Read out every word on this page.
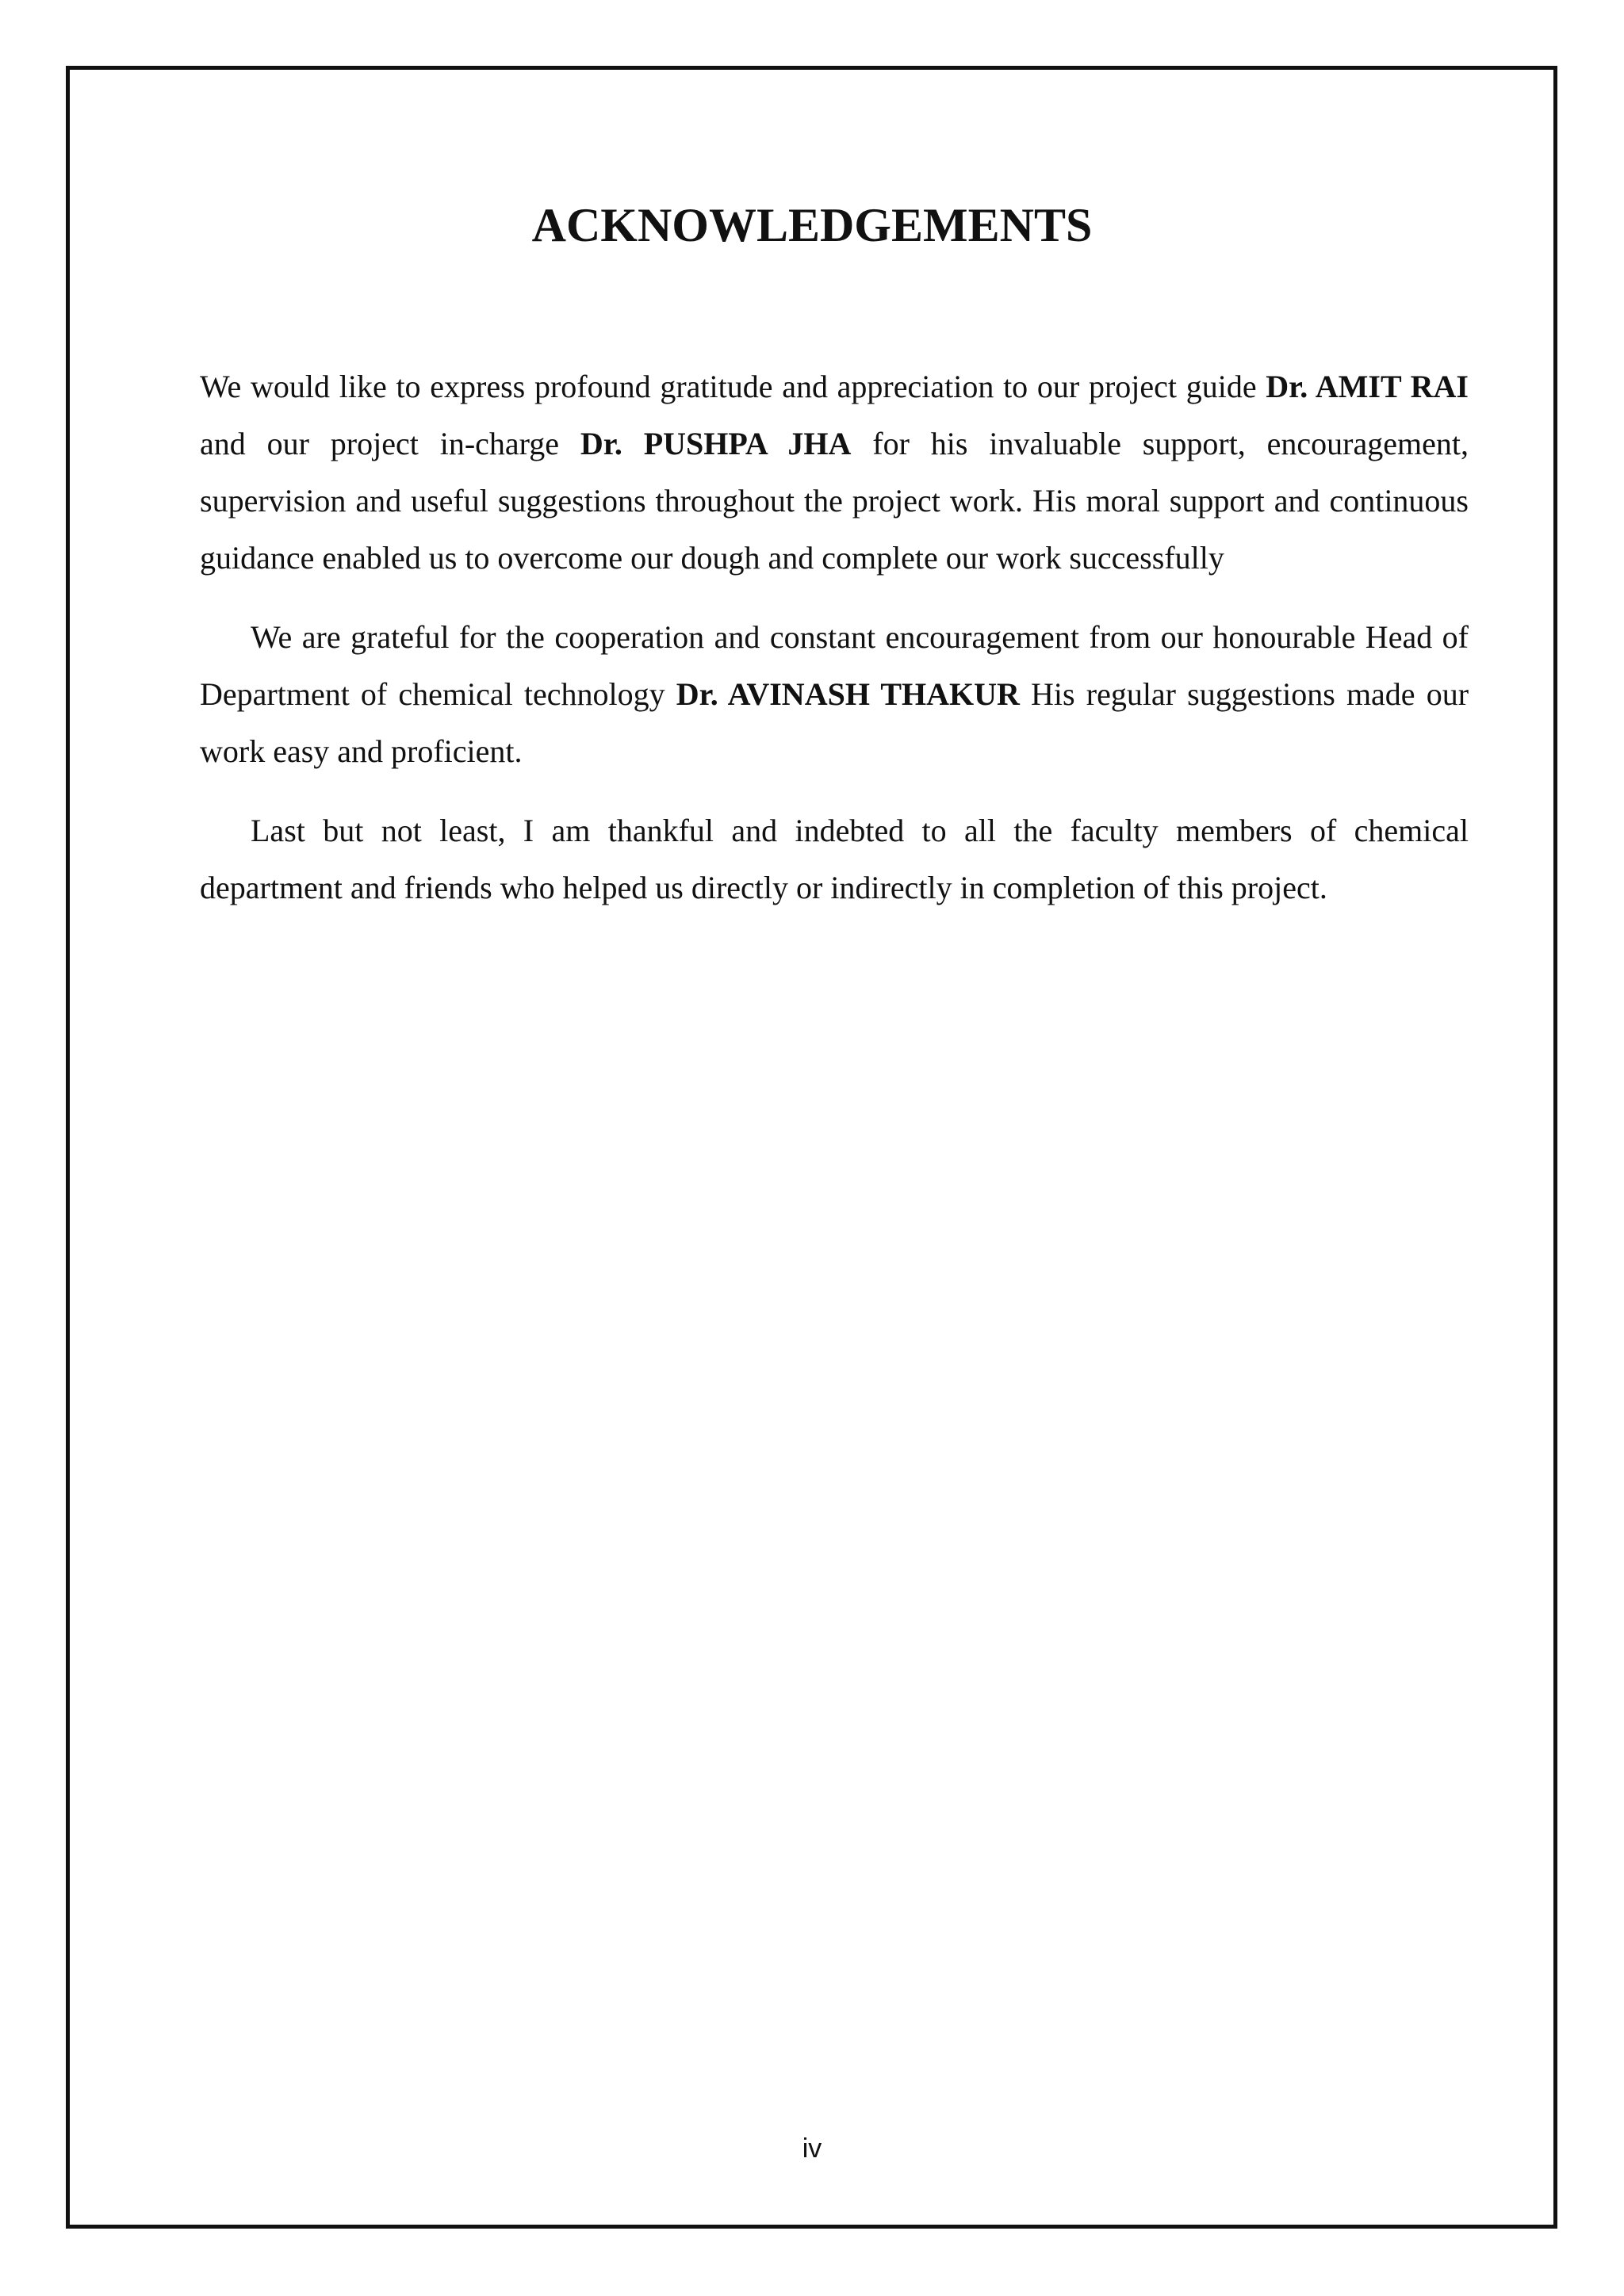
ACKNOWLEDGEMENTS

We would like to express profound gratitude and appreciation to our project guide Dr. AMIT RAI and our project in-charge Dr. PUSHPA JHA for his invaluable support, encouragement, supervision and useful suggestions throughout the project work. His moral support and continuous guidance enabled us to overcome our dough and complete our work successfully

We are grateful for the cooperation and constant encouragement from our honourable Head of Department of chemical technology Dr. AVINASH THAKUR His regular suggestions made our work easy and proficient.

Last but not least, I am thankful and indebted to all the faculty members of chemical department and friends who helped us directly or indirectly in completion of this project.

iv
